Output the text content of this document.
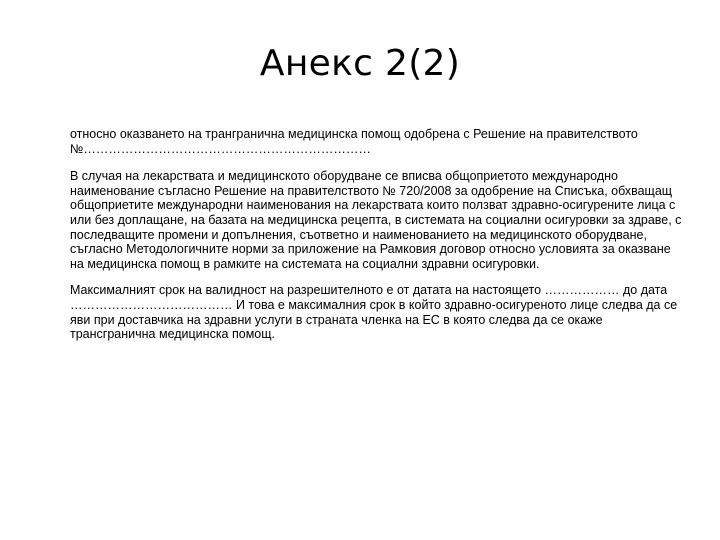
Анекс 2(2)

относно оказването на трангранична медицинска помощ одобрена с Решение на правителството №……………………………………………………………

В случая на лекарствата и медицинското оборудване се вписва общоприетото международно наименование съгласно Решение на правителството № 720/2008 за одобрение на Списъка, обхващащ общоприетите международни наименования на лекарствата които ползват здравно-осигурените лица с или без доплащане, на базата на медицинска рецепта, в системата на социални осигуровки за здраве, с последващите промени и допълнения, съответно и наименованието на медицинското оборудване, съгласно Методологичните норми за приложение на Рамковия договор относно условията за оказване на медицинска помощ в рамките на системата на социални здравни осигуровки.

Максималният срок на валидност на разрешителното е от датата на настоящето ……………… до дата ………………………………… И това е максималния срок в който здравно-осигуреното лице следва да се яви при доставчика на здравни услуги в страната членка на ЕС в която следва да се окаже трансгранична медицинска помощ.
